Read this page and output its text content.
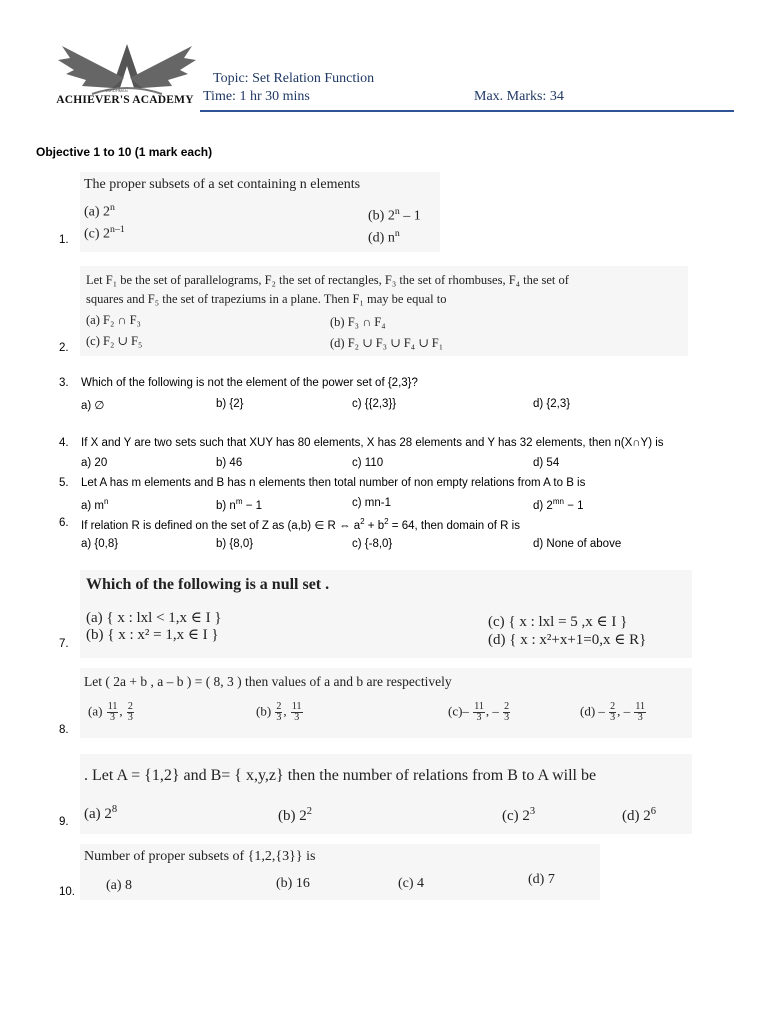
VARDHMAN
ACHIEVER'S ACADEMY
Topic: Set Relation Function
Time: 1 hr 30 mins	Max. Marks: 34
Objective 1 to 10 (1 mark each)
The proper subsets of a set containing n elements
(a) 2$^n$
(b) 2$^n$ – 1
(c) 2$^{n-1}$
(d) $n^n$
1.
Let F₁ be the set of parallelograms, F₂ the set of rectangles, F₃ the set of rhombuses, F₄ the set of
squares and F₅ the set of trapeziums in a plane. Then F₁ may be equal to
(a) F₂ ∩ F₃	(b) F₃ ∩ F₄
(c) F₂ ∪ F₅	(d) F₂ ∪ F₃ ∪ F₄ ∪ F₁
2.
3. Which of the following is not the element of the power set of {2,3}?
a) ∅	b) {2}	c) {{2,3}}	d) {2,3}
4. If X and Y are two sets such that XUY has 80 elements, X has 28 elements and Y has 32 elements, then n(X∩Y) is
a) 20	b) 46	c) 110	d) 54
5. Let A has m elements and B has n elements then total number of non empty relations from A to B is
a) $m^n$	b) $n^m - 1$	c) mn-1	d) $2^{mn} - 1$
6. If relation R is defined on the set of Z as (a,b) ∈ R ⇔ $a^2 + b^2 = 64$, then domain of R is
a) {0,8}	b) {8,0}	c) {-8,0}	d) None of above
Which of the following is a null set .
(a) { x : lxl < 1,x ∈ I }
(b) { x : x² = 1,x ∈ I }
(c) { x : lxl = 5 ,x ∈ I }
(d) { x : x²+x+1=0,x ∈ R}
7.
Let ( 2a + b , a – b ) = ( 8, 3 ) then values of a and b are respectively
$(a) \frac{11}{3}$ , $\frac{2}{3}$	$(b) \frac{2}{3}$ , $\frac{11}{3}$	$(c)- \frac{11}{3}$ , – $\frac{2}{3}$	$(d) - \frac{2}{3}$ , – $\frac{11}{3}$
8.
. Let A = {1,2} and B= { x,y,z} then the number of relations from B to A will be
(a) $2^8$	(b) $2^2$	(c) $2^3$	(d) $2^6$
9.
Number of proper subsets of {1,2,{3}} is
(a) 8	(b) 16	(c) 4	(d) 7
10.
